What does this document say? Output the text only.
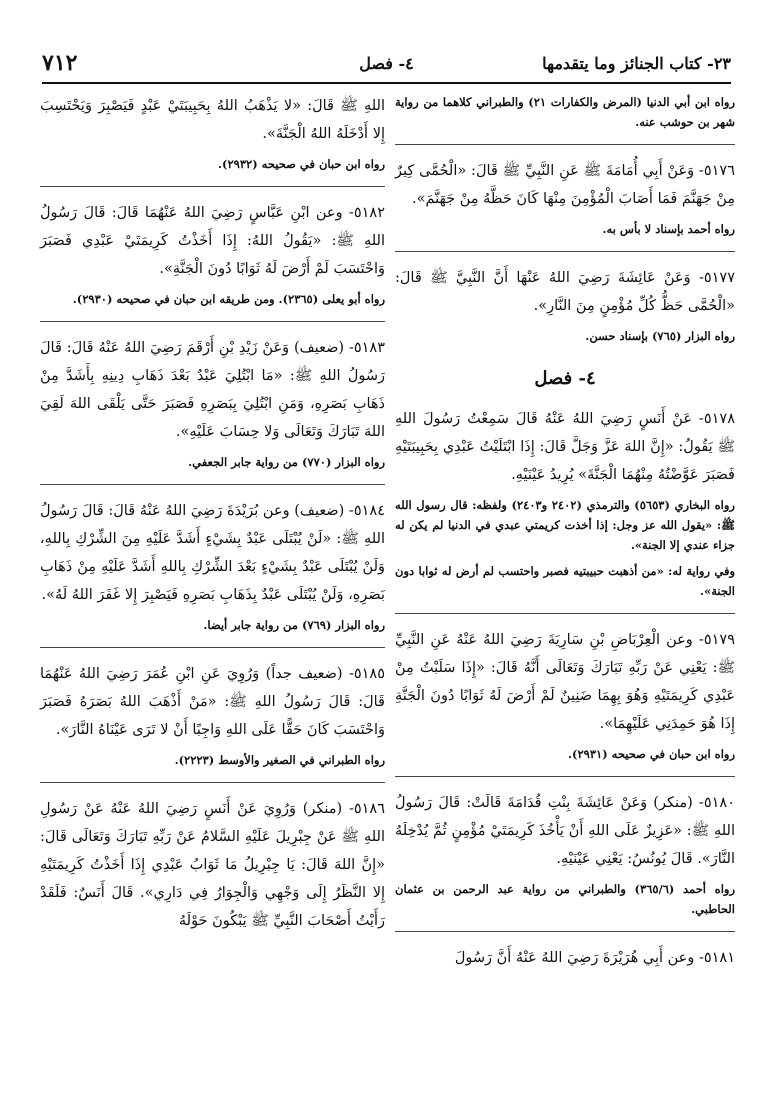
٢٣- كتاب الجنائز وما يتقدمها
٤- فصل
٧١٢

رواه ابن أبي الدنيا (المرض والكفارات ٢١) والطبراني كلاهما من رواية شهر بن حوشب عنه.

٥١٧٦- وَعَنْ أَبِي أُمَامَةَ ﷺ عَنِ النَّبِيِّ ﷺ قَالَ: «الْحُمَّى كِيرٌ مِنْ جَهَنَّمَ فَمَا أَصَابَ الْمُؤْمِنَ مِنْهَا كَانَ حَظَّهُ مِنْ جَهَنَّمَ».

رواه أحمد بإسناد لا بأس به.

٥١٧٧- وَعَنْ عَائِشَةَ رَضِيَ اللهُ عَنْهَا أَنَّ النَّبِيَّ ﷺ قَالَ: «الْحُمَّى حَظُّ كُلِّ مُؤْمِنٍ مِنَ النَّارِ».

رواه البزار (٧٦٥) بإسناد حسن.

٤- فصل

٥١٧٨- عَنْ أَنَسٍ رَضِيَ اللهُ عَنْهُ قَالَ سَمِعْتُ رَسُولَ اللهِ ﷺ يَقُولُ: «إِنَّ اللهَ عَزَّ وَجَلَّ قَالَ: إِذَا ابْتَلَيْتُ عَبْدِي بِحَبِيبَتَيْهِ فَصَبَرَ عَوَّضْتُهُ مِنْهُمَا الْجَنَّةَ» يُرِيدُ عَيْنَيْهِ.

رواه البخاري (٥٦٥٣) والترمذي (٢٤٠٢ و٢٤٠٣) ولفظه: قال رسول الله ﷺ: «يقول الله عز وجل: إذا أخذت كريمتي عبدي في الدنيا لم يكن له جزاء عندي إلا الجنة».

وفي رواية له: «من أذهبت حبيبتيه فصبر واحتسب لم أرض له ثوابا دون الجنة».

٥١٧٩- وعن الْعِرْبَاضِ بْنِ سَارِيَةَ رَضِيَ اللهُ عَنْهُ عَنِ النَّبِيِّ ﷺ: يَعْنِي عَنْ رَبِّهِ تَبَارَكَ وَتَعَالَى أَنَّهُ قَالَ: «إِذَا سَلَبْتُ مِنْ عَبْدِي كَرِيمَتَيْهِ وَهُوَ بِهِمَا ضَنِينٌ لَمْ أَرْضَ لَهُ ثَوَابًا دُونَ الْجَنَّةِ إِذَا هُوَ حَمِدَنِي عَلَيْهِمَا».

رواه ابن حبان في صحيحه (٢٩٣١).

٥١٨٠- (منكر) وَعَنْ عَائِشَةَ بِنْتِ قُدَامَةَ قَالَتْ: قَالَ رَسُولُ اللهِ ﷺ: «عَزِيزٌ عَلَى اللهِ أَنْ يَأْخُذَ كَرِيمَتَيْ مُؤْمِنٍ ثُمَّ يُدْخِلَهُ النَّارَ». قَالَ يُونُسُ: يَعْنِي عَيْنَيْهِ.

رواه أحمد (٣٦٥/٦) والطبراني من رواية عبد الرحمن بن عثمان الحاطبي.

٥١٨١- وعن أَبِي هُرَيْرَةَ رَضِيَ اللهُ عَنْهُ أَنَّ رَسُولَ

اللهِ ﷺ قَالَ: «لا يَذْهَبُ اللهُ بِحَبِيبَتَيْ عَبْدٍ فَيَصْبِرَ وَيَحْتَسِبَ إِلا أَدْخَلَهُ اللهُ الْجَنَّةَ».

رواه ابن حبان في صحيحه (٢٩٣٢).

٥١٨٢- وعن ابْنِ عَبَّاسٍ رَضِيَ اللهُ عَنْهُمَا قَالَ: قَالَ رَسُولُ اللهِ ﷺ: «يَقُولُ اللهُ: إِذَا أَخَذْتُ كَرِيمَتَيْ عَبْدِي فَصَبَرَ وَاحْتَسَبَ لَمْ أَرْضَ لَهُ ثَوَابًا دُونَ الْجَنَّةِ».

رواه أبو يعلى (٢٣٦٥). ومن طريقه ابن حبان في صحيحه (٢٩٣٠).

٥١٨٣- (ضعيف) وَعَنْ زَيْدِ بْنِ أَرْقَمَ رَضِيَ اللهُ عَنْهُ قَالَ: قَالَ رَسُولُ اللهِ ﷺ: «مَا ابْتُلِيَ عَبْدٌ بَعْدَ ذَهَابِ دِينِهِ بِأَشَدَّ مِنْ ذَهَابِ بَصَرِهِ، وَمَنِ ابْتُلِيَ بِبَصَرِهِ فَصَبَرَ حَتَّى يَلْقَى اللهَ لَقِيَ اللهَ تَبَارَكَ وَتَعَالَى وَلا حِسَابَ عَلَيْهِ».

رواه البزار (٧٧٠) من رواية جابر الجعفي.

٥١٨٤- (ضعيف) وعن بُرَيْدَةَ رَضِيَ اللهُ عَنْهُ قَالَ: قَالَ رَسُولُ اللهِ ﷺ: «لَنْ يُبْتَلَى عَبْدٌ بِشَيْءٍ أَشَدَّ عَلَيْهِ مِنَ الشِّرْكِ بِاللهِ، وَلَنْ يُبْتَلَى عَبْدٌ بِشَيْءٍ بَعْدَ الشِّرْكِ بِاللهِ أَشَدَّ عَلَيْهِ مِنْ ذَهَابِ بَصَرِهِ، وَلَنْ يُبْتَلَى عَبْدٌ بِذَهَابِ بَصَرِهِ فَيَصْبِرَ إِلا غَفَرَ اللهُ لَهُ».

رواه البزار (٧٦٩) من رواية جابر أيضا.

٥١٨٥- (ضعيف جداً) وَرُوِيَ عَنِ ابْنِ عُمَرَ رَضِيَ اللهُ عَنْهُمَا قَالَ: قَالَ رَسُولُ اللهِ ﷺ: «مَنْ أَذْهَبَ اللهُ بَصَرَهُ فَصَبَرَ وَاحْتَسَبَ كَانَ حَقًّا عَلَى اللهِ وَاجِبًا أَنْ لا تَرَى عَيْنَاهُ النَّارَ».

رواه الطبراني في الصغير والأوسط (٢٢٢٣).

٥١٨٦- (منكر) وَرُوِيَ عَنْ أَنَسٍ رَضِيَ اللهُ عَنْهُ عَنْ رَسُولِ اللهِ ﷺ عَنْ جِبْرِيلَ عَلَيْهِ السَّلامُ عَنْ رَبِّهِ تَبَارَكَ وَتَعَالَى قَالَ: «إِنَّ اللهَ قَالَ: يَا جِبْرِيلُ مَا ثَوَابُ عَبْدِي إِذَا أَخَذْتُ كَرِيمَتَيْهِ إِلا النَّظَرُ إِلَى وَجْهِي وَالْجِوَارُ فِي دَارِي». قَالَ أَنَسٌ: فَلَقَدْ رَأَيْتُ أَصْحَابَ النَّبِيِّ ﷺ يَبْكُونَ حَوْلَهُ
